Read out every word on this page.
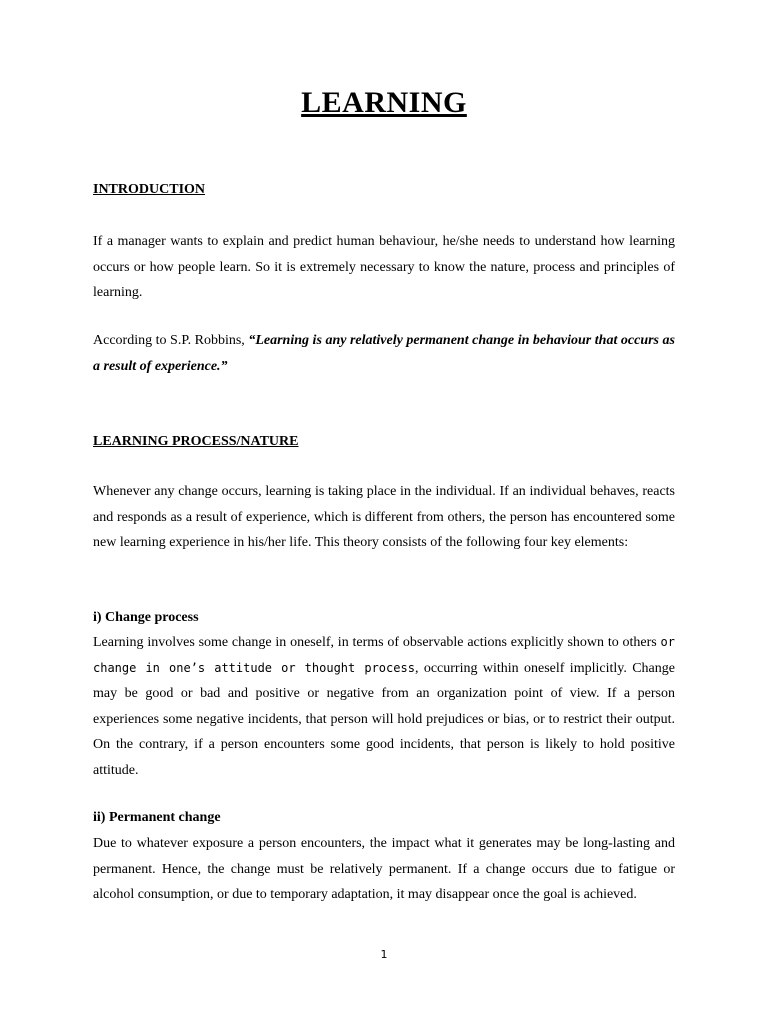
LEARNING
INTRODUCTION

If a manager wants to explain and predict human behaviour, he/she needs to understand how learning occurs or how people learn. So it is extremely necessary to know the nature, process and principles of learning.

According to S.P. Robbins, “Learning is any relatively permanent change in behaviour that occurs as a result of experience.”

LEARNING PROCESS/NATURE

Whenever any change occurs, learning is taking place in the individual. If an individual behaves, reacts and responds as a result of experience, which is different from others, the person has encountered some new learning experience in his/her life. This theory consists of the following four key elements:

i) Change process

Learning involves some change in oneself, in terms of observable actions explicitly shown to others or change in one’s attitude or thought process, occurring within oneself implicitly. Change may be good or bad and positive or negative from an organization point of view. If a person experiences some negative incidents, that person will hold prejudices or bias, or to restrict their output. On the contrary, if a person encounters some good incidents, that person is likely to hold positive attitude.

ii) Permanent change

Due to whatever exposure a person encounters, the impact what it generates may be long-lasting and permanent. Hence, the change must be relatively permanent. If a change occurs due to fatigue or alcohol consumption, or due to temporary adaptation, it may disappear once the goal is achieved.

1
